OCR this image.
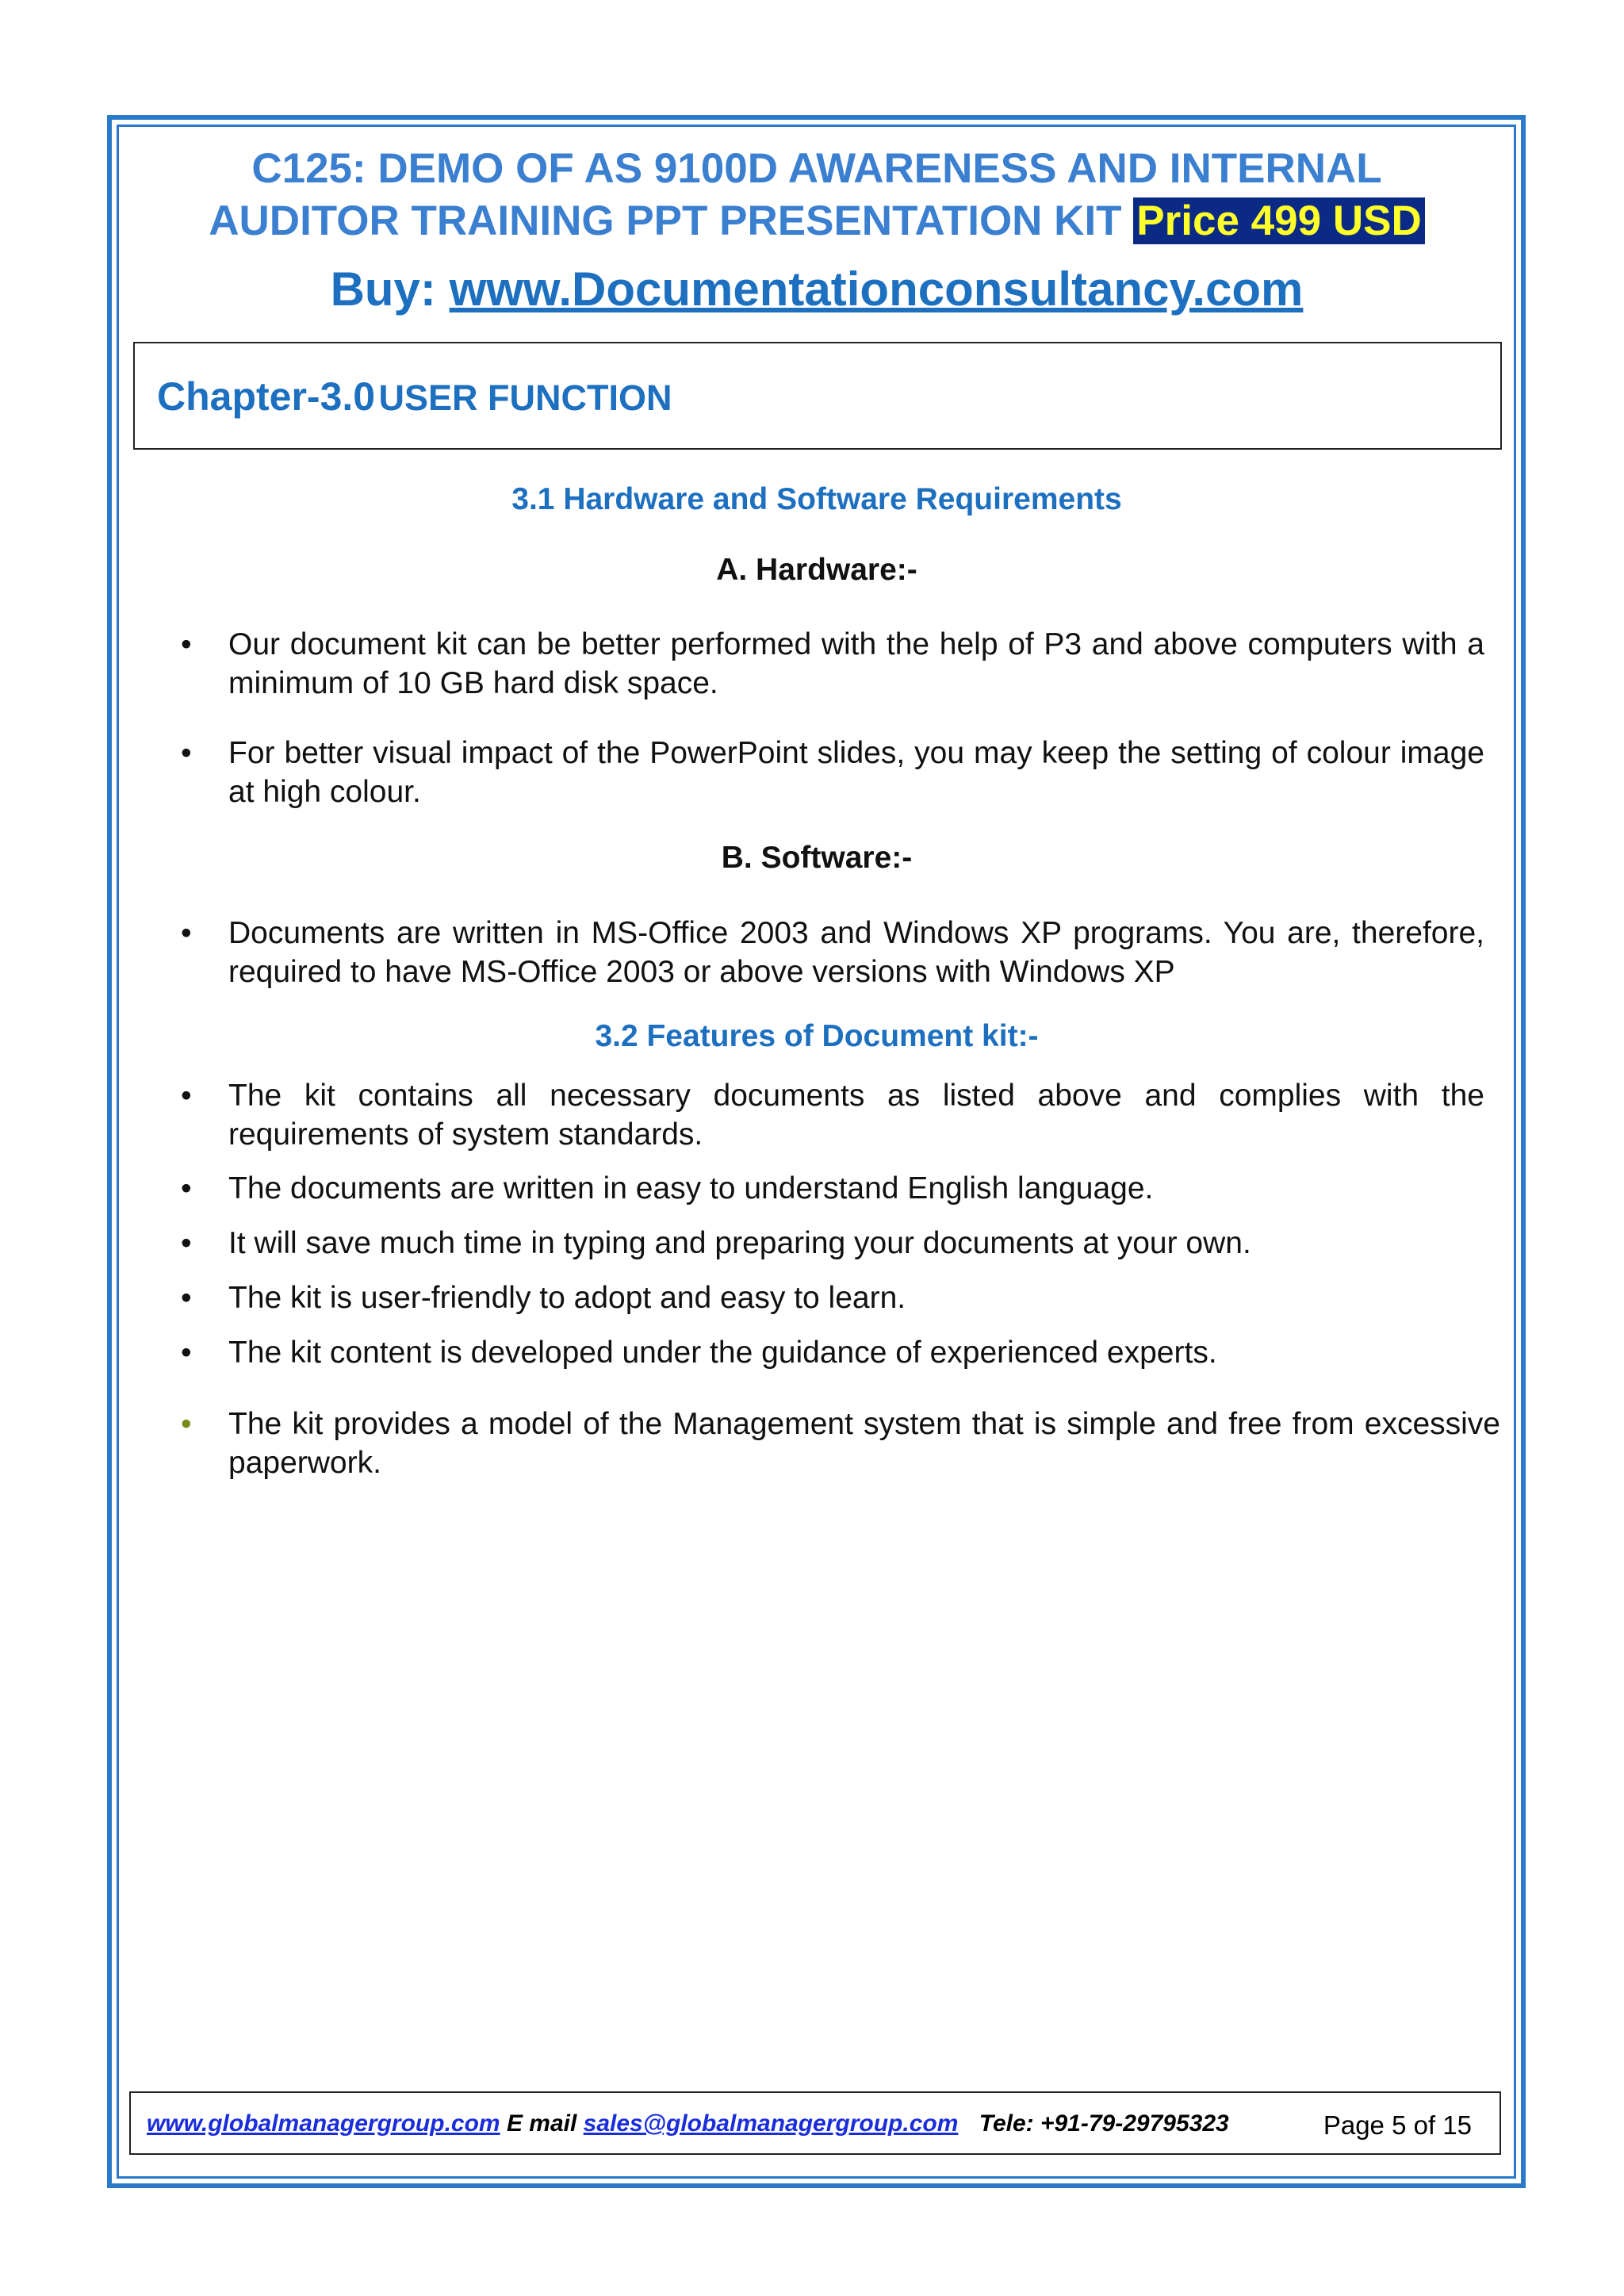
C125: DEMO OF AS 9100D AWARENESS AND INTERNAL
AUDITOR TRAINING PPT PRESENTATION KIT Price 499 USD
Buy: www.Documentationconsultancy.com
Chapter-3.0 USER FUNCTION
3.1 Hardware and Software Requirements
A. Hardware:-
• Our document kit can be better performed with the help of P3 and above computers with a minimum of 10 GB hard disk space.
• For better visual impact of the PowerPoint slides, you may keep the setting of colour image at high colour.
B. Software:-
• Documents are written in MS-Office 2003 and Windows XP programs. You are, therefore, required to have MS-Office 2003 or above versions with Windows XP
3.2 Features of Document kit:-
• The kit contains all necessary documents as listed above and complies with the requirements of system standards.
• The documents are written in easy to understand English language.
• It will save much time in typing and preparing your documents at your own.
• The kit is user-friendly to adopt and easy to learn.
• The kit content is developed under the guidance of experienced experts.
• The kit provides a model of the Management system that is simple and free from excessive paperwork.
www.globalmanagergroup.com E mail sales@globalmanagergroup.com Tele: +91-79-29795323	Page 5 of 15
